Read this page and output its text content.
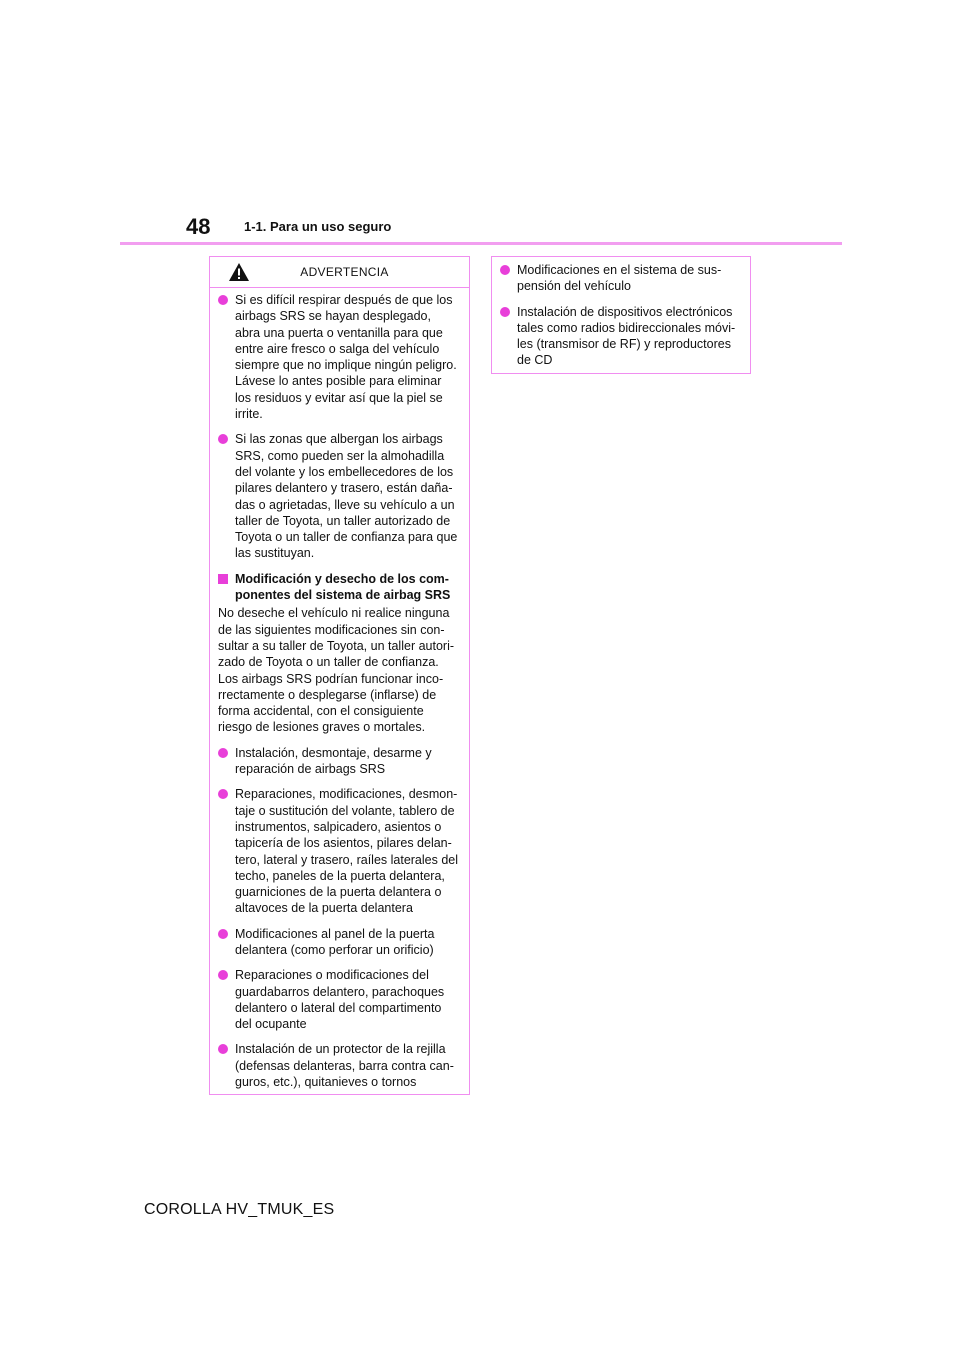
48	1-1. Para un uso seguro
ADVERTENCIA
Si es difícil respirar después de que los
airbags SRS se hayan desplegado,
abra una puerta o ventanilla para que
entre aire fresco o salga del vehículo
siempre que no implique ningún peligro.
Lávese lo antes posible para eliminar
los residuos y evitar así que la piel se
irrite.
Si las zonas que albergan los airbags
SRS, como pueden ser la almohadilla
del volante y los embellecedores de los
pilares delantero y trasero, están daña-
das o agrietadas, lleve su vehículo a un
taller de Toyota, un taller autorizado de
Toyota o un taller de confianza para que
las sustituyan.
Modificación y desecho de los com-
ponentes del sistema de airbag SRS
No deseche el vehículo ni realice ninguna
de las siguientes modificaciones sin con-
sultar a su taller de Toyota, un taller autori-
zado de Toyota o un taller de confianza.
Los airbags SRS podrían funcionar inco-
rrectamente o desplegarse (inflarse) de
forma accidental, con el consiguiente
riesgo de lesiones graves o mortales.
Instalación, desmontaje, desarme y
reparación de airbags SRS
Reparaciones, modificaciones, desmon-
taje o sustitución del volante, tablero de
instrumentos, salpicadero, asientos o
tapicería de los asientos, pilares delan-
tero, lateral y trasero, raíles laterales del
techo, paneles de la puerta delantera,
guarniciones de la puerta delantera o
altavoces de la puerta delantera
Modificaciones al panel de la puerta
delantera (como perforar un orificio)
Reparaciones o modificaciones del
guardabarros delantero, parachoques
delantero o lateral del compartimento
del ocupante
Instalación de un protector de la rejilla
(defensas delanteras, barra contra can-
guros, etc.), quitanieves o tornos
Modificaciones en el sistema de sus-
pensión del vehículo
Instalación de dispositivos electrónicos
tales como radios bidireccionales móvi-
les (transmisor de RF) y reproductores
de CD
COROLLA HV_TMUK_ES
